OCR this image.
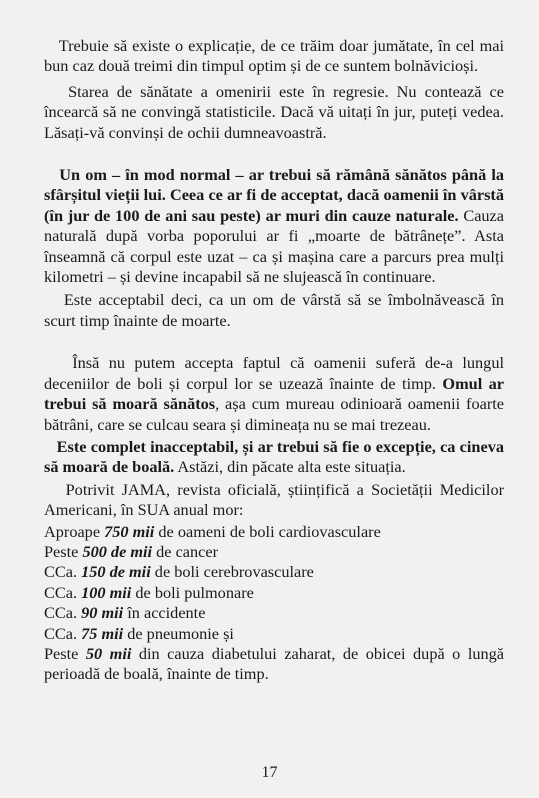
Trebuie să existe o explicație, de ce trăim doar jumătate, în cel mai bun caz două treimi din timpul optim și de ce suntem bolnăvicioși.

Starea de sănătate a omenirii este în regresie. Nu contează ce încearcă să ne convingă statisticile. Dacă vă uitați în jur, puteți vedea. Lăsați-vă convinși de ochii dumneavoastră.

Un om – în mod normal – ar trebui să rămână sănătos până la sfârșitul vieții lui. Ceea ce ar fi de acceptat, dacă oamenii în vârstă (în jur de 100 de ani sau peste) ar muri din cauze naturale. Cauza naturală după vorba poporului ar fi „moarte de bătrânețe”. Asta înseamnă că corpul este uzat – ca și mașina care a parcurs prea mulți kilometri – și devine incapabil să ne slujească în continuare.

Este acceptabil deci, ca un om de vârstă să se îmbolnăvească în scurt timp înainte de moarte.

Însă nu putem accepta faptul că oamenii suferă de-a lungul deceniilor de boli și corpul lor se uzează înainte de timp. Omul ar trebui să moară sănătos, așa cum mureau odinioară oamenii foarte bătrâni, care se culcau seara și dimineața nu se mai trezeau.

Este complet inacceptabil, și ar trebui să fie o excepție, ca cineva să moară de boală. Astăzi, din păcate alta este situația.

Potrivit JAMA, revista oficială, științifică a Societății Medicilor Americani, în SUA anual mor:

Aproape 750 mii de oameni de boli cardiovasculare

Peste 500 de mii de cancer

CCa. 150 de mii de boli cerebrovasculare

CCa. 100 mii de boli pulmonare

CCa. 90 mii în accidente

CCa. 75 mii de pneumonie și

Peste 50 mii din cauza diabetului zaharat, de obicei după o lungă perioadă de boală, înainte de timp.

17
